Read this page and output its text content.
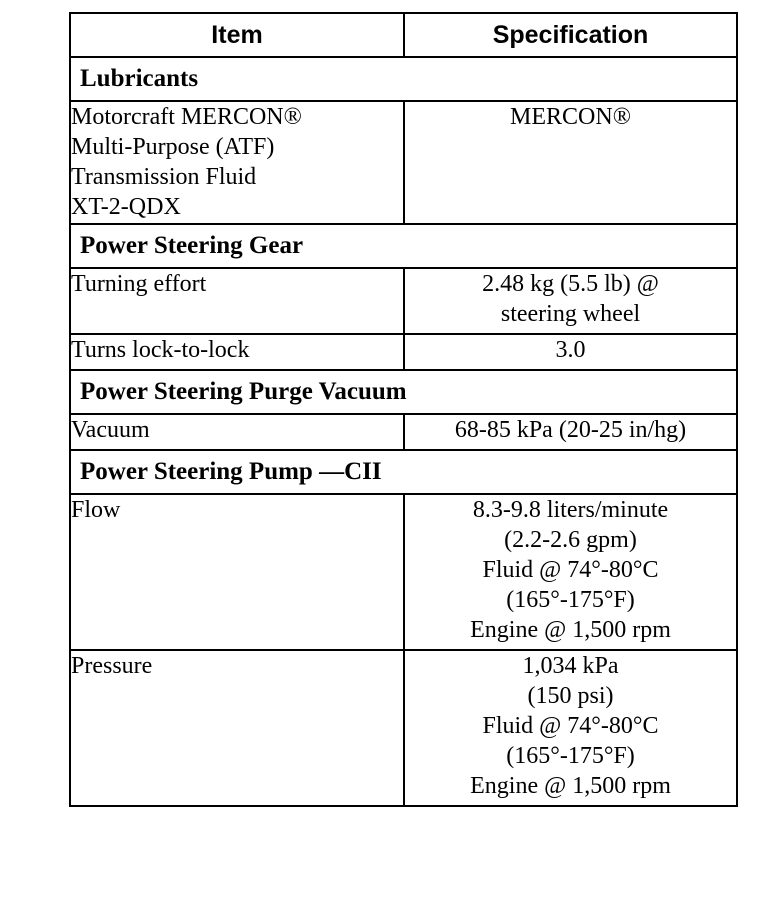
Item	Specification
Lubricants	
Motorcraft MERCON®
Multi-Purpose (ATF)
Transmission Fluid
XT-2-QDX	MERCON®
Power Steering Gear	
Turning effort	2.48 kg (5.5 lb) @
steering wheel
Turns lock-to-lock	3.0
Power Steering Purge Vacuum	
Vacuum	68-85 kPa (20-25 in/hg)
Power Steering Pump —CII	
Flow	8.3-9.8 liters/minute
(2.2-2.6 gpm)
Fluid @ 74°-80°C
(165°-175°F)
Engine @ 1,500 rpm
Pressure	1,034 kPa
(150 psi)
Fluid @ 74°-80°C
(165°-175°F)
Engine @ 1,500 rpm
